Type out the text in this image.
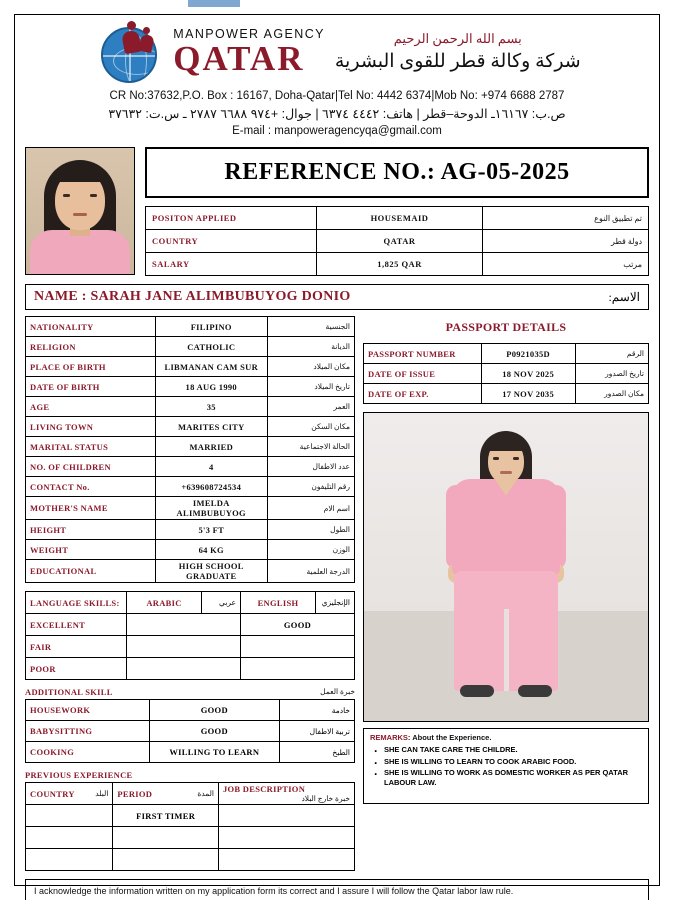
MANPOWER AGENCY
QATAR
بسم الله الرحمن الرحيم
شركة وكالة قطر للقوى البشرية
CR No:37632,P.O. Box : 16167, Doha-Qatar|Tel No: 4442 6374|Mob No: +974 6688 2787
ص.ب: ١٦١٦٧ـ الدوحة–قطر | هاتف: ٤٤٤٢ ٦٣٧٤ | جوال: +٩٧٤ ٦٦٨٨ ٢٧٨٧ ـ س.ت: ٣٧٦٣٢
E-mail : manpoweragencyqa@gmail.com
REFERENCE NO.: AG-05-2025
POSITON APPLIED	HOUSEMAID	تم تطبيق النوع
COUNTRY	QATAR	دولة قطر
SALARY	1,825 QAR	مرتب
NAME : SARAH JANE ALIMBUBUYOG DONIO	الاسم:
NATIONALITY	FILIPINO	الجنسية
RELIGION	CATHOLIC	الديانة
PLACE OF BIRTH	LIBMANAN CAM SUR	مكان الميلاد
DATE OF BIRTH	18 AUG 1990	تاريخ الميلاد
AGE	35	العمر
LIVING TOWN	MARITES CITY	مكان السكن
MARITAL STATUS	MARRIED	الحالة الاجتماعية
NO. OF CHILDREN	4	عدد الاطفال
CONTACT No.	+639608724534	رقم التليفون
MOTHER'S NAME	IMELDA ALIMBUBUYOG	اسم الام
HEIGHT	5'3 FT	الطول
WEIGHT	64 KG	الوزن
EDUCATIONAL	HIGH SCHOOL GRADUATE	الدرجة العلمية
LANGUAGE SKILLS:	ARABIC	عربي	ENGLISH	الإنجليزي
EXCELLENT			GOOD	
FAIR				
POOR				
ADDITIONAL SKILL	خبرة العمل
HOUSEWORK	GOOD	خادمة
BABYSITTING	GOOD	تربية الاطفال
COOKING	WILLING TO LEARN	الطبخ
PREVIOUS EXPERIENCE
COUNTRY البلد	PERIOD المدة	JOB DESCRIPTION
خبرة خارج البلاد

	FIRST TIMER	

PASSPORT DETAILS
PASSPORT NUMBER	P0921035D	الرقم
DATE OF ISSUE	18 NOV 2025	تاريخ الصدور
DATE OF EXP.	17 NOV 2035	مكان الصدور
REMARKS: About the Experience.
· SHE CAN TAKE CARE THE CHILDRE.
· SHE IS WILLING TO LEARN TO COOK ARABIC FOOD.
· SHE IS WILLING TO WORK AS DOMESTIC WORKER AS PER QATAR LABOUR LAW.
I acknowledge the information written on my application form its correct and I assure I will follow the Qatar labor law rule.
